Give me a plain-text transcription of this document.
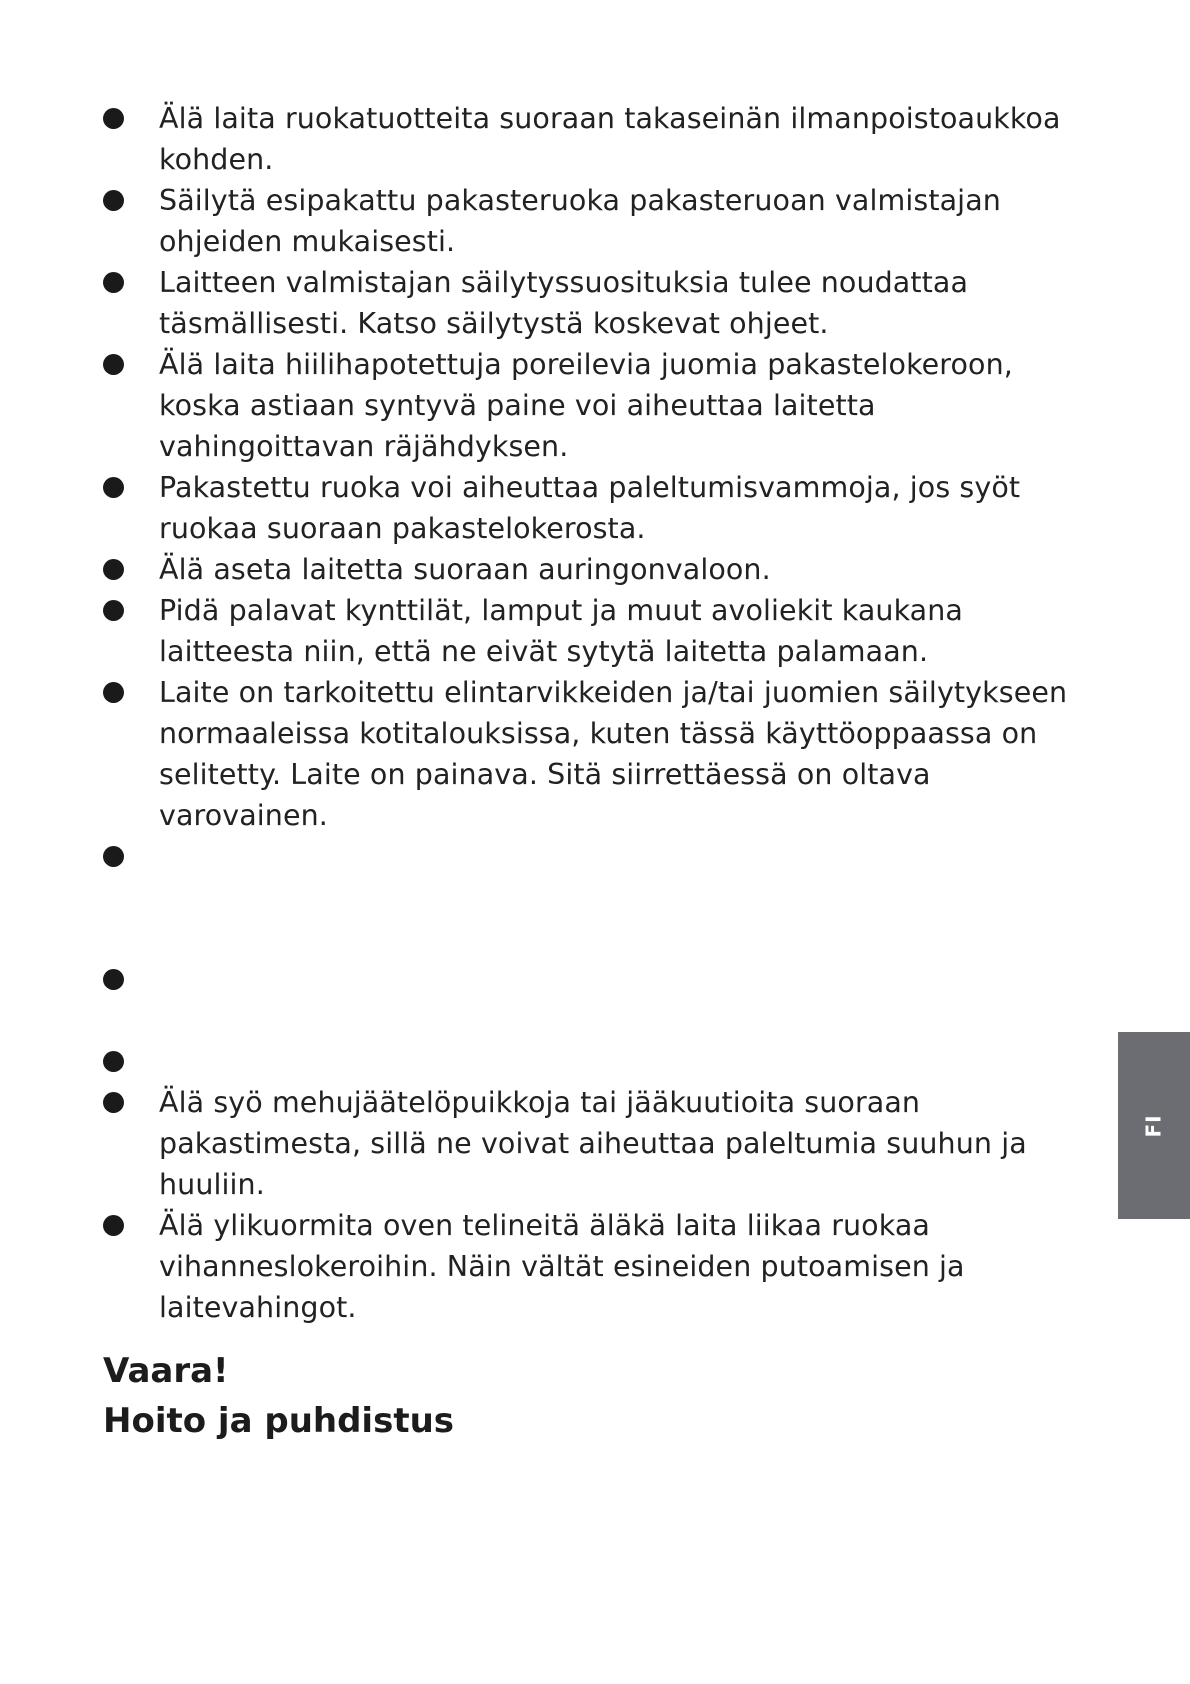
Älä laita ruokatuotteita suoraan takaseinän ilmanpoistoaukkoa kohden.
Säilytä esipakattu pakasteruoka pakasteruoan valmistajan ohjeiden mukaisesti.
Laitteen valmistajan säilytyssuosituksia tulee noudattaa täsmällisesti. Katso säilytystä koskevat ohjeet.
Älä laita hiilihapotettuja poreilevia juomia pakastelokeroon, koska astiaan syntyvä paine voi aiheuttaa laitetta vahingoittavan räjähdyksen.
Pakastettu ruoka voi aiheuttaa paleltumisvammoja, jos syöt ruokaa suoraan pakastelokerosta.
Älä aseta laitetta suoraan auringonvaloon.
Pidä palavat kynttilät, lamput ja muut avoliekit kaukana laitteesta niin, että ne eivät sytytä laitetta palamaan.
Laite on tarkoitettu elintarvikkeiden ja/tai juomien säilytykseen normaaleissa kotitalouksissa, kuten tässä käyttöoppaassa on selitetty. Laite on painava. Sitä siirrettäessä on oltava varovainen.
Älä syö mehujäätelöpuikkoja tai jääkuutioita suoraan pakastimesta, sillä ne voivat aiheuttaa paleltumia suuhun ja huuliin.
Älä ylikuormita oven telineitä äläkä laita liikaa ruokaa vihanneslokeroihin. Näin vältät esineiden putoamisen ja laitevahingot.
Vaara!
Hoito ja puhdistus
FI
